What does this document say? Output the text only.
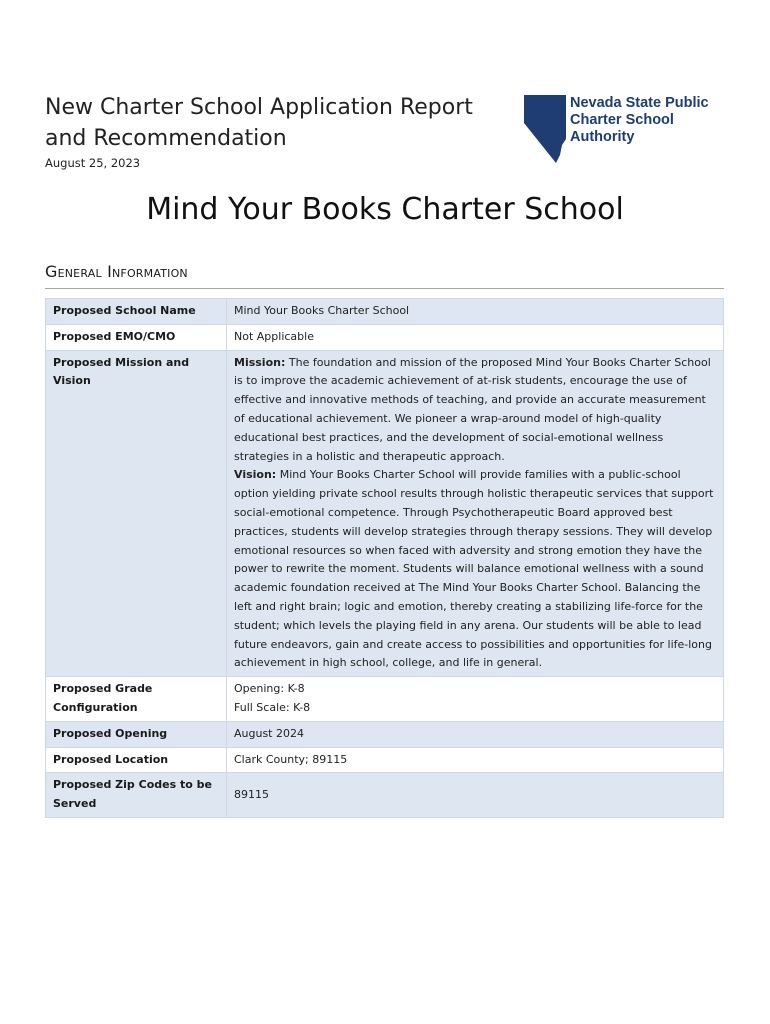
New Charter School Application Report and Recommendation
August 25, 2023
Nevada State Public
Charter School
Authority
Mind Your Books Charter School
General Information
Proposed School Name	Mind Your Books Charter School
Proposed EMO/CMO	Not Applicable
Proposed Mission and Vision	Mission: The foundation and mission of the proposed Mind Your Books Charter School is to improve the academic achievement of at-risk students, encourage the use of effective and innovative methods of teaching, and provide an accurate measurement of educational achievement. We pioneer a wrap-around model of high-quality educational best practices, and the development of social-emotional wellness strategies in a holistic and therapeutic approach.
Vision: Mind Your Books Charter School will provide families with a public-school option yielding private school results through holistic therapeutic services that support social-emotional competence. Through Psychotherapeutic Board approved best practices, students will develop strategies through therapy sessions. They will develop emotional resources so when faced with adversity and strong emotion they have the power to rewrite the moment. Students will balance emotional wellness with a sound academic foundation received at The Mind Your Books Charter School. Balancing the left and right brain; logic and emotion, thereby creating a stabilizing life-force for the student; which levels the playing field in any arena. Our students will be able to lead future endeavors, gain and create access to possibilities and opportunities for life-long achievement in high school, college, and life in general.

Proposed Grade Configuration	Opening: K-8
Full Scale: K-8

Proposed Opening	August 2024
Proposed Location	Clark County; 89115
Proposed Zip Codes to be Served	89115
